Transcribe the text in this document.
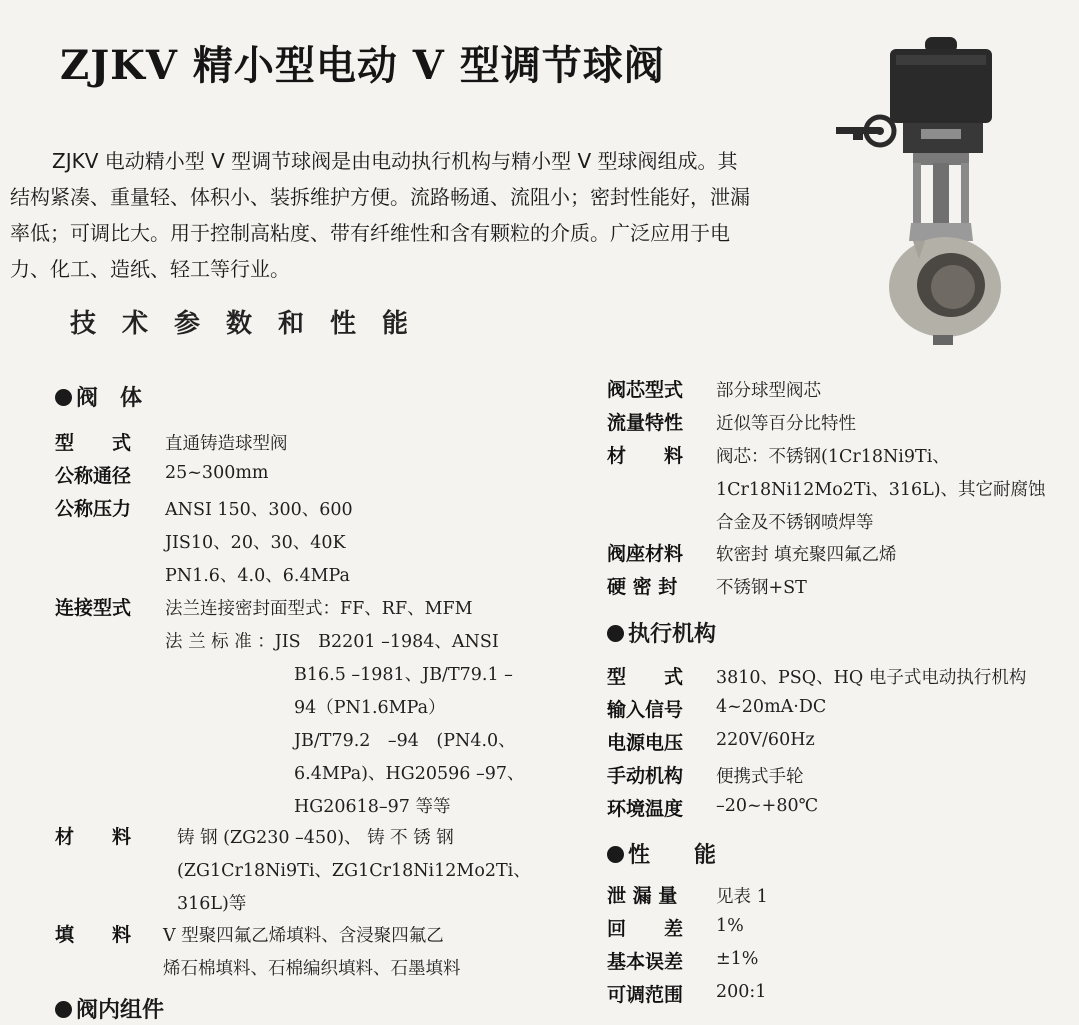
ZJKV 精小型电动 V 型调节球阀

ZJKV 电动精小型 V 型调节球阀是由电动执行机构与精小型 V 型球阀组成。其结构紧凑、重量轻、体积小、装拆维护方便。流路畅通、流阻小；密封性能好，泄漏率低；可调比大。用于控制高粘度、带有纤维性和含有颗粒的介质。广泛应用于电力、化工、造纸、轻工等行业。

技术参数和性能
阀　体
型　　式 直通铸造球型阀
公称通径 25~300mm
公称压力 ANSI 150、300、600
JIS10、20、30、40K
PN1.6、4.0、6.4MPa
连接型式 法兰连接密封面型式：FF、RF、MFM
法 兰 标 准 ：JIS　B2201 –1984、ANSI
B16.5 –1981、JB/T79.1 –
94（PN1.6MPa）
JB/T79.2　–94　(PN4.0、
6.4MPa)、HG20596 –97、
HG20618–97 等等
材　　料	铸 钢 (ZG230 –450)、 铸 不 锈 钢
(ZG1Cr18Ni9Ti、ZG1Cr18Ni12Mo2Ti、
316L)等
填　　料 V 型聚四氟乙烯填料、含浸聚四氟乙
烯石棉填料、石棉编织填料、石墨填料
阀内组件
阀芯型式 部分球型阀芯
流量特性 近似等百分比特性
材　　料 阀芯：不锈钢(1Cr18Ni9Ti、
1Cr18Ni12Mo2Ti、316L)、其它耐腐蚀
合金及不锈钢喷焊等
阀座材料 软密封 填充聚四氟乙烯
硬 密 封 不锈钢+ST
执行机构
型　　式 3810、PSQ、HQ 电子式电动执行机构
输入信号 4~20mA·DC
电源电压 220V/60Hz
手动机构 便携式手轮
环境温度 –20~+80℃
性　　能
泄 漏 量 见表 1
回　　差 1%
基本误差 ±1%
可调范围 200:1
